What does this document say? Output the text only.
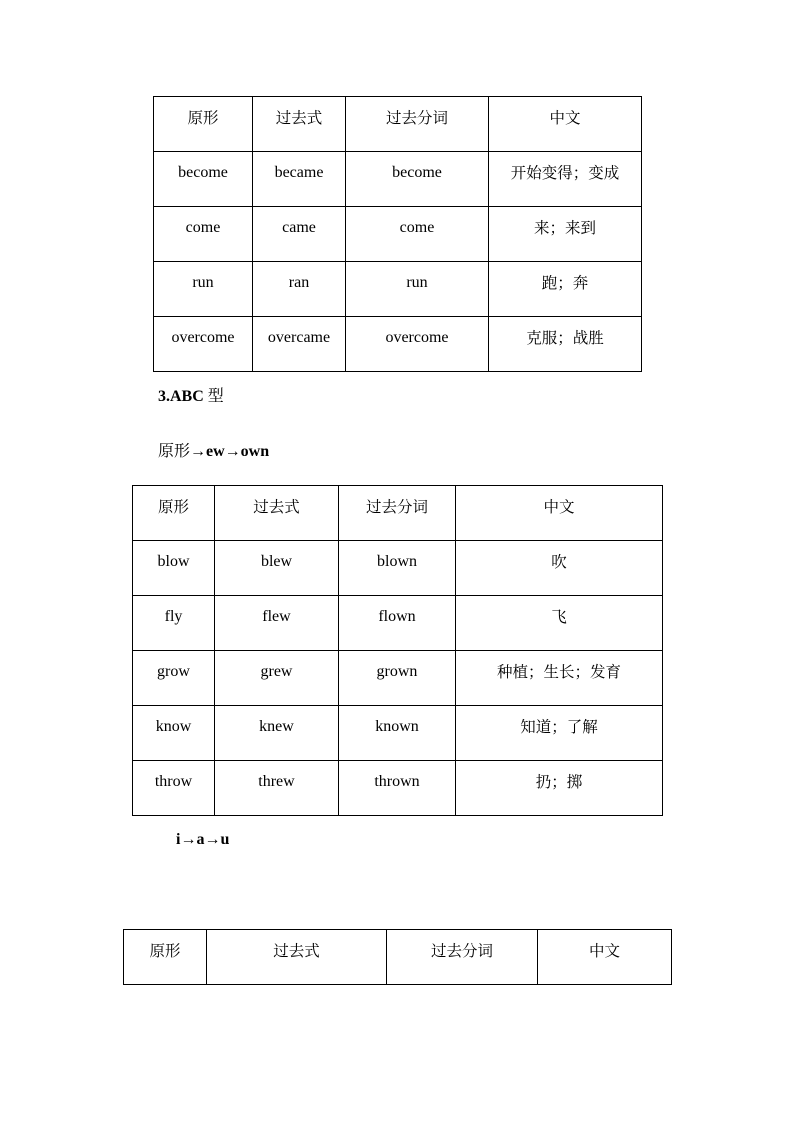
原形	过去式	过去分词	中文
become	became	become	开始变得；变成
come	came	come	来；来到
run	ran	run	跑；奔
overcome	overcame	overcome	克服；战胜
3.ABC 型
原形→ew→own
原形	过去式	过去分词	中文
blow	blew	blown	吹
fly	flew	flown	飞
grow	grew	grown	种植；生长；发育
know	knew	known	知道；了解
throw	threw	thrown	扔；掷
i→a→u
原形	过去式	过去分词	中文
